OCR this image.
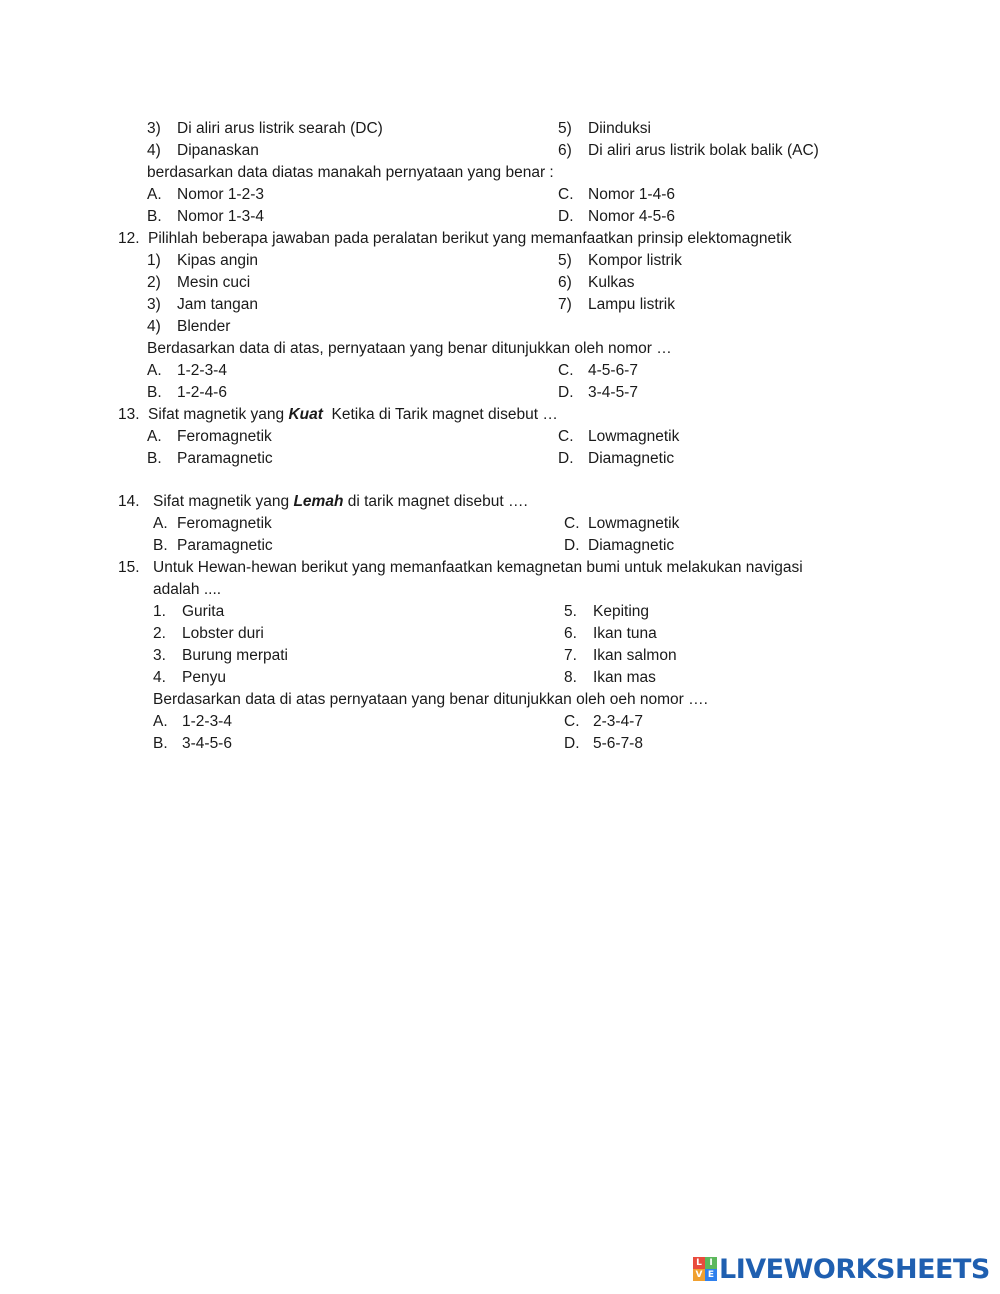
3) Di aliri arus listrik searah (DC)	5) Diinduksi
4) Dipanaskan	6) Di aliri arus listrik bolak balik (AC)
berdasarkan data diatas manakah pernyataan yang benar :
A. Nomor 1-2-3	C. Nomor 1-4-6
B. Nomor 1-3-4	D. Nomor 4-5-6
12. Pilihlah beberapa jawaban pada peralatan berikut yang memanfaatkan prinsip elektomagnetik
1) Kipas angin	5) Kompor listrik
2) Mesin cuci	6) Kulkas
3) Jam tangan	7) Lampu listrik
4) Blender
Berdasarkan data di atas, pernyataan yang benar ditunjukkan oleh nomor …
A. 1-2-3-4	C. 4-5-6-7
B. 1-2-4-6	D. 3-4-5-7
13. Sifat magnetik yang Kuat  Ketika di Tarik magnet disebut …
A. Feromagnetik	C. Lowmagnetik
B. Paramagnetic	D. Diamagnetic
14. Sifat magnetik yang Lemah di tarik magnet disebut ….
A. Feromagnetik	C. Lowmagnetik
B. Paramagnetic	D. Diamagnetic
15. Untuk Hewan-hewan berikut yang memanfaatkan kemagnetan bumi untuk melakukan navigasi
adalah ....
1. Gurita	5. Kepiting
2. Lobster duri	6. Ikan tuna
3. Burung merpati	7. Ikan salmon
4. Penyu	8. Ikan mas
Berdasarkan data di atas pernyataan yang benar ditunjukkan oleh oeh nomor ….
A. 1-2-3-4	C. 2-3-4-7
B. 3-4-5-6	D. 5-6-7-8
L I
V E LIVEWORKSHEETS
